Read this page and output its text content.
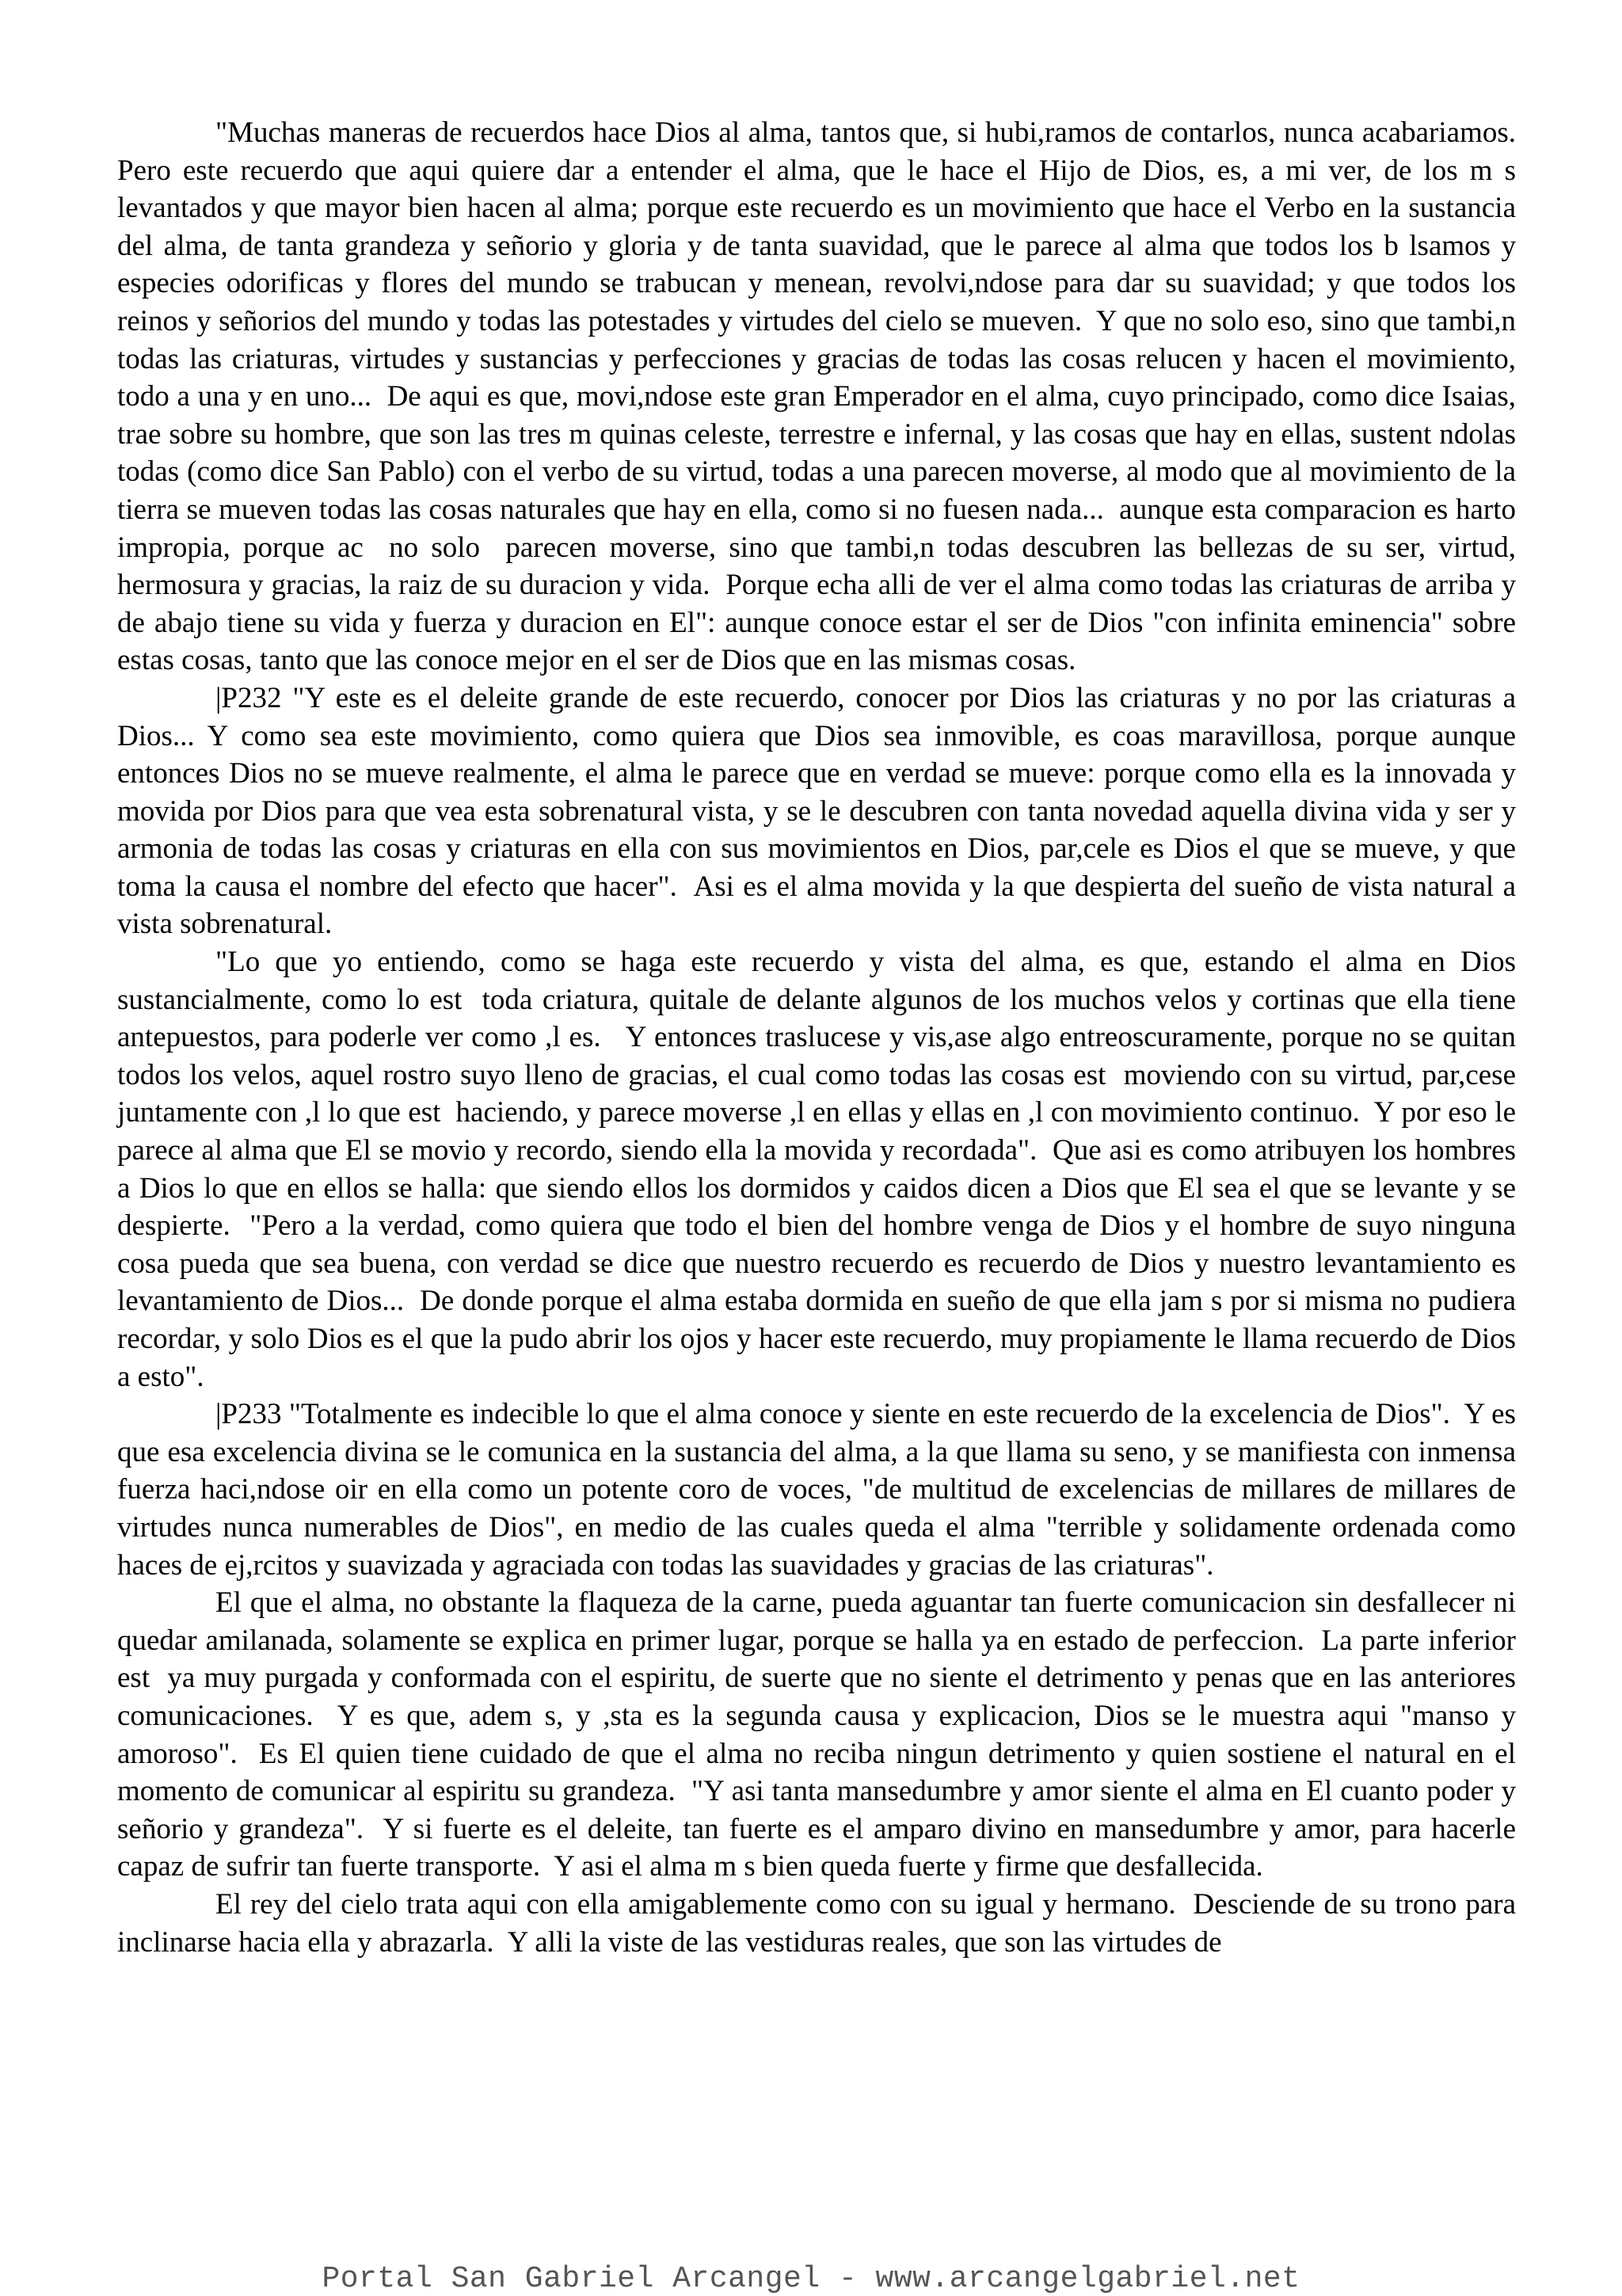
"Muchas maneras de recuerdos hace Dios al alma, tantos que, si hubi,ramos de contarlos, nunca acabariamos.  Pero este recuerdo que aqui quiere dar a entender el alma, que le hace el Hijo de Dios, es, a mi ver, de los m s levantados y que mayor bien hacen al alma; porque este recuerdo es un movimiento que hace el Verbo en la sustancia del alma, de tanta grandeza y señorio y gloria y de tanta suavidad, que le parece al alma que todos los b lsamos y especies odorificas y flores del mundo se trabucan y menean, revolvi,ndose para dar su suavidad; y que todos los reinos y señorios del mundo y todas las potestades y virtudes del cielo se mueven.  Y que no solo eso, sino que tambi,n todas las criaturas, virtudes y sustancias y perfecciones y gracias de todas las cosas relucen y hacen el movimiento, todo a una y en uno...  De aqui es que, movi,ndose este gran Emperador en el alma, cuyo principado, como dice Isaias, trae sobre su hombre, que son las tres m quinas celeste, terrestre e infernal, y las cosas que hay en ellas, sustent ndolas todas (como dice San Pablo) con el verbo de su virtud, todas a una parecen moverse, al modo que al movimiento de la tierra se mueven todas las cosas naturales que hay en ella, como si no fuesen nada...  aunque esta comparacion es harto impropia, porque ac  no solo  parecen moverse, sino que tambi,n todas descubren las bellezas de su ser, virtud, hermosura y gracias, la raiz de su duracion y vida.  Porque echa alli de ver el alma como todas las criaturas de arriba y de abajo tiene su vida y fuerza y duracion en El": aunque conoce estar el ser de Dios "con infinita eminencia" sobre estas cosas, tanto que las conoce mejor en el ser de Dios que en las mismas cosas.

|P232 "Y este es el deleite grande de este recuerdo, conocer por Dios las criaturas y no por las criaturas a Dios... Y como sea este movimiento, como quiera que Dios sea inmovible, es coas maravillosa, porque aunque entonces Dios no se mueve realmente, el alma le parece que en verdad se mueve: porque como ella es la innovada y movida por Dios para que vea esta sobrenatural vista, y se le descubren con tanta novedad aquella divina vida y ser y armonia de todas las cosas y criaturas en ella con sus movimientos en Dios, par,cele es Dios el que se mueve, y que toma la causa el nombre del efecto que hacer".  Asi es el alma movida y la que despierta del sueño de vista natural a vista sobrenatural.

"Lo que yo entiendo, como se haga este recuerdo y vista del alma, es que, estando el alma en Dios sustancialmente, como lo est  toda criatura, quitale de delante algunos de los muchos velos y cortinas que ella tiene antepuestos, para poderle ver como ,l es.   Y entonces traslucese y vis,ase algo entreoscuramente, porque no se quitan todos los velos, aquel rostro suyo lleno de gracias, el cual como todas las cosas est  moviendo con su virtud, par,cese juntamente con ,l lo que est  haciendo, y parece moverse ,l en ellas y ellas en ,l con movimiento continuo.  Y por eso le parece al alma que El se movio y recordo, siendo ella la movida y recordada".  Que asi es como atribuyen los hombres a Dios lo que en ellos se halla: que siendo ellos los dormidos y caidos dicen a Dios que El sea el que se levante y se despierte.  "Pero a la verdad, como quiera que todo el bien del hombre venga de Dios y el hombre de suyo ninguna cosa pueda que sea buena, con verdad se dice que nuestro recuerdo es recuerdo de Dios y nuestro levantamiento es levantamiento de Dios...  De donde porque el alma estaba dormida en sueño de que ella jam s por si misma no pudiera recordar, y solo Dios es el que la pudo abrir los ojos y hacer este recuerdo, muy propiamente le llama recuerdo de Dios a esto".

|P233 "Totalmente es indecible lo que el alma conoce y siente en este recuerdo de la excelencia de Dios".  Y es que esa excelencia divina se le comunica en la sustancia del alma, a la que llama su seno, y se manifiesta con inmensa fuerza haci,ndose oir en ella como un potente coro de voces, "de multitud de excelencias de millares de millares de virtudes nunca numerables de Dios", en medio de las cuales queda el alma "terrible y solidamente ordenada como haces de ej,rcitos y suavizada y agraciada con todas las suavidades y gracias de las criaturas".

El que el alma, no obstante la flaqueza de la carne, pueda aguantar tan fuerte comunicacion sin desfallecer ni quedar amilanada, solamente se explica en primer lugar, porque se halla ya en estado de perfeccion.  La parte inferior est  ya muy purgada y conformada con el espiritu, de suerte que no siente el detrimento y penas que en las anteriores comunicaciones.  Y es que, adem s, y ,sta es la segunda causa y explicacion, Dios se le muestra aqui "manso y amoroso".  Es El quien tiene cuidado de que el alma no reciba ningun detrimento y quien sostiene el natural en el momento de comunicar al espiritu su grandeza.  "Y asi tanta mansedumbre y amor siente el alma en El cuanto poder y señorio y grandeza".  Y si fuerte es el deleite, tan fuerte es el amparo divino en mansedumbre y amor, para hacerle capaz de sufrir tan fuerte transporte.  Y asi el alma m s bien queda fuerte y firme que desfallecida.

El rey del cielo trata aqui con ella amigablemente como con su igual y hermano.  Desciende de su trono para inclinarse hacia ella y abrazarla.  Y alli la viste de las vestiduras reales, que son las virtudes de

Portal San Gabriel Arcangel - www.arcangelgabriel.net
